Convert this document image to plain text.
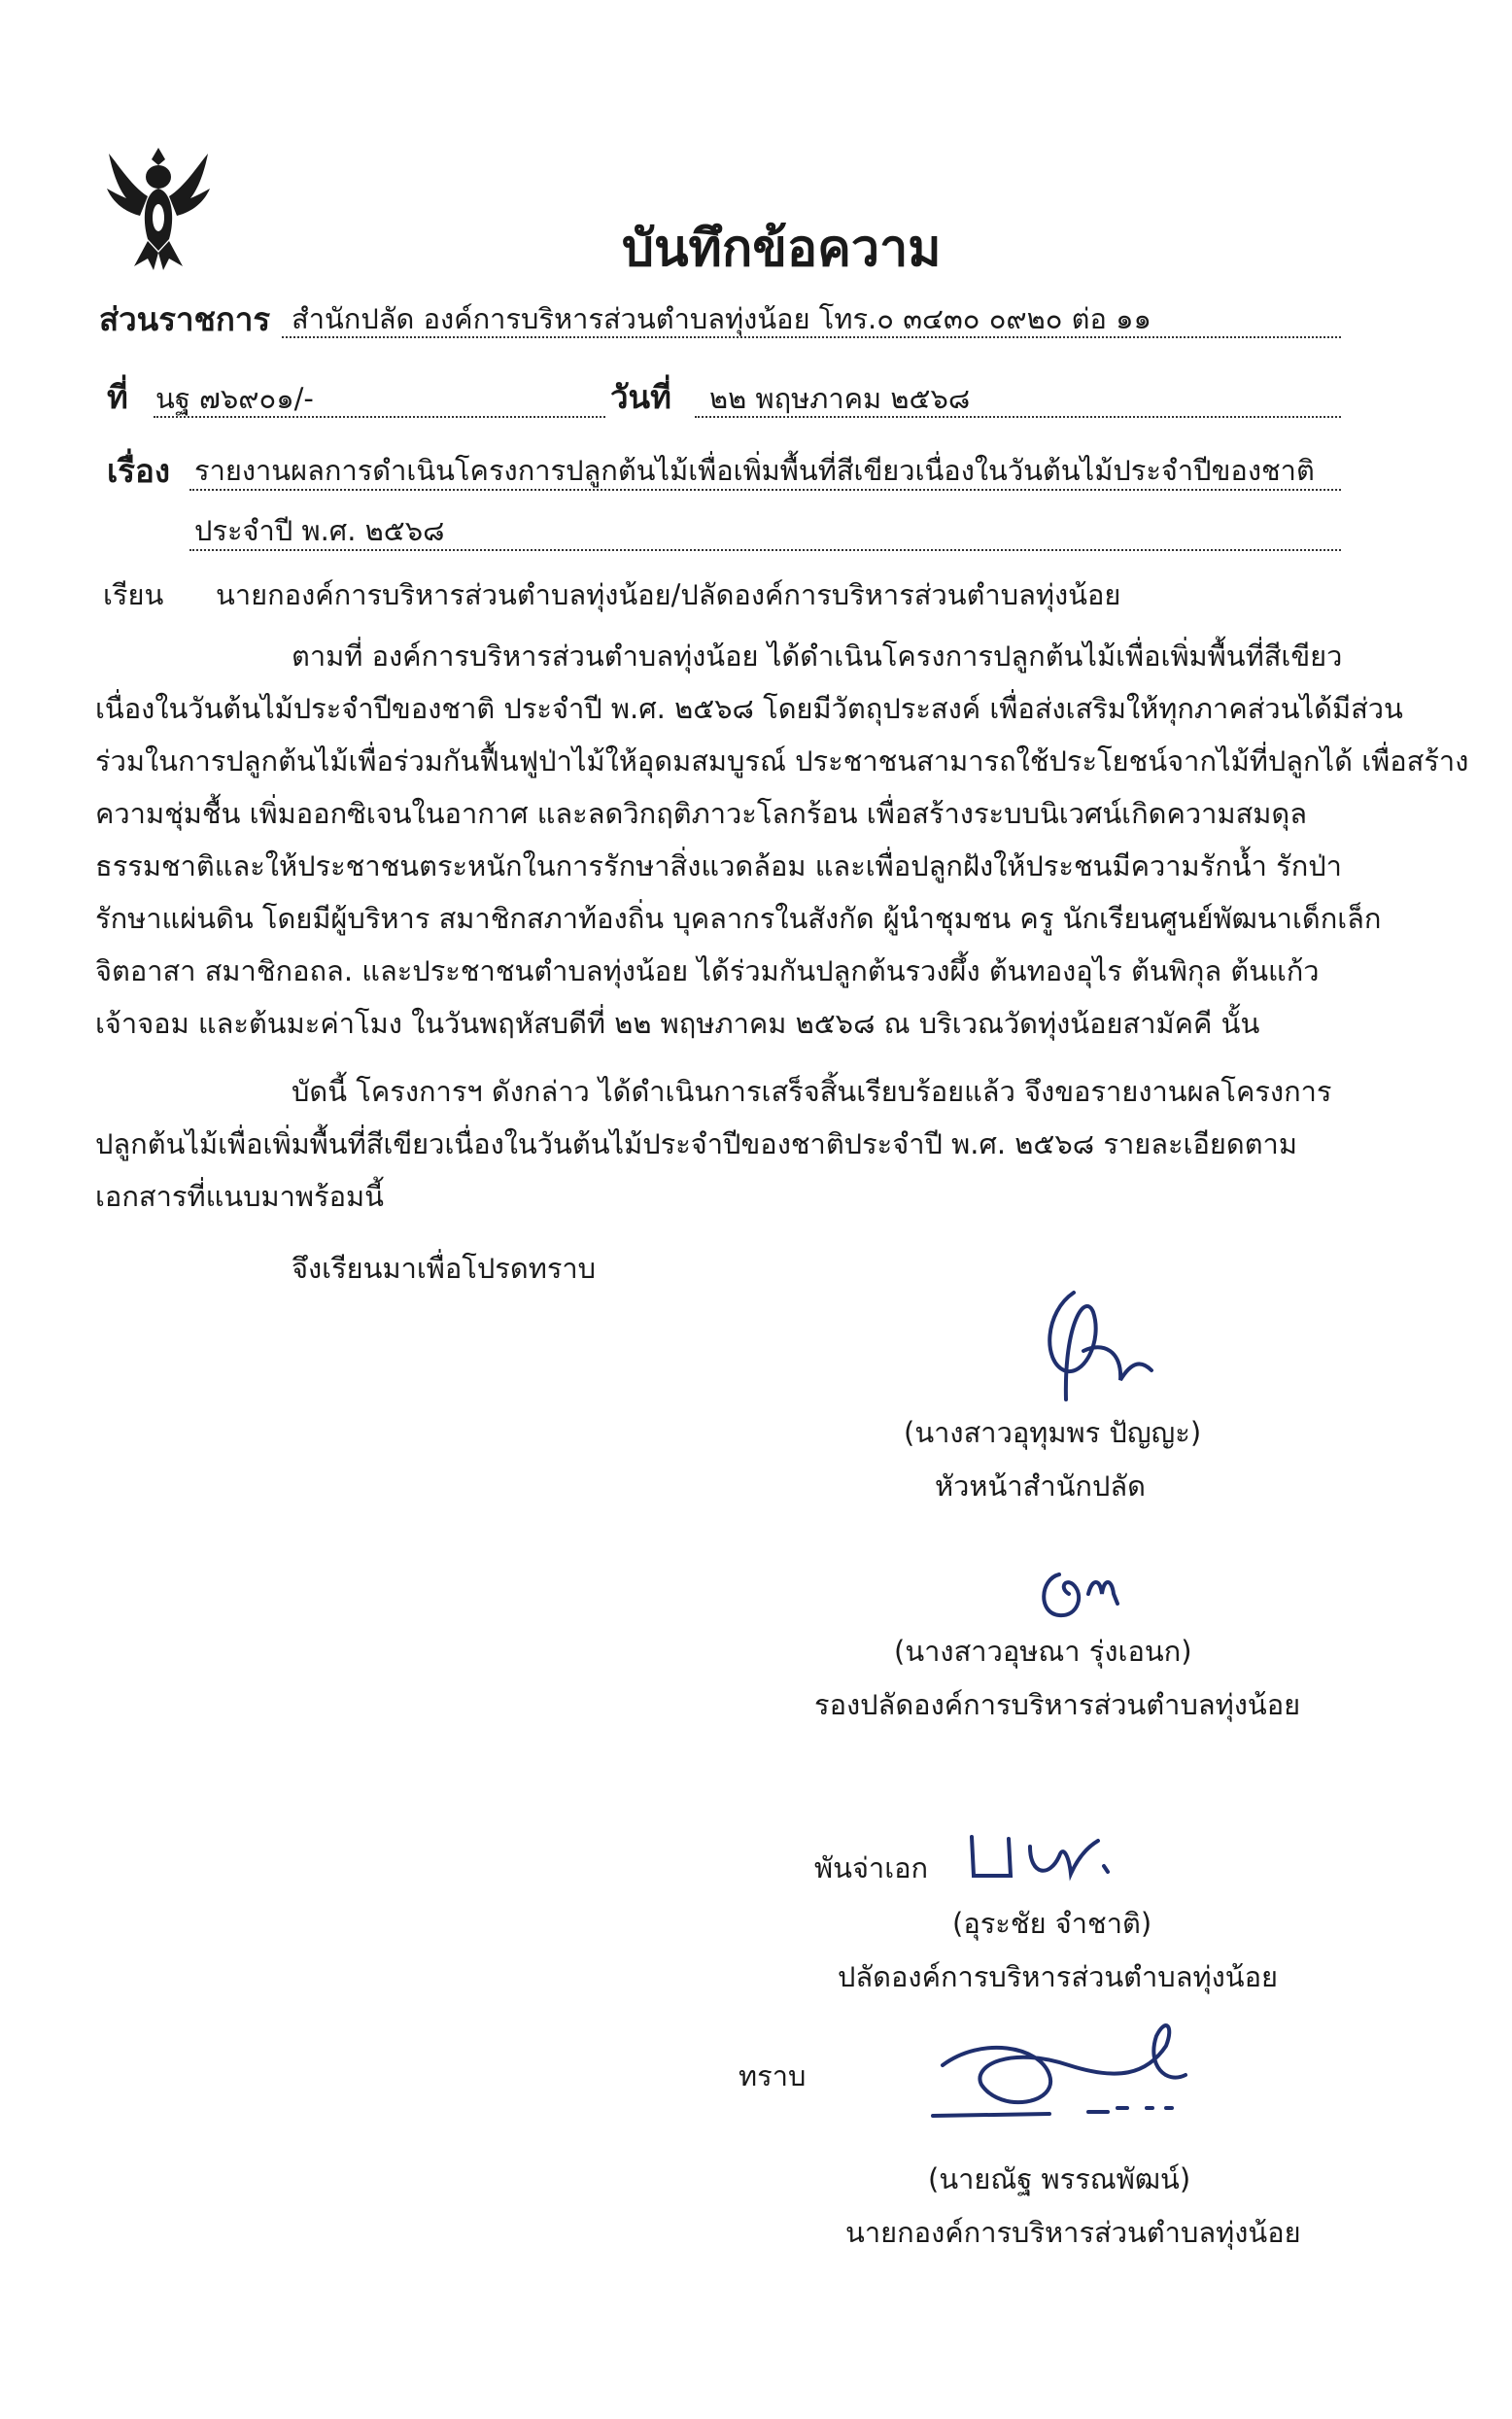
บันทึกข้อความ
ส่วนราชการ สำนักปลัด องค์การบริหารส่วนตำบลทุ่งน้อย โทร.๐ ๓๔๓๐ ๐๙๒๐ ต่อ ๑๑
ที่ นฐ ๗๖๙๐๑/-	วันที่ ๒๒ พฤษภาคม ๒๕๖๘
เรื่อง รายงานผลการดำเนินโครงการปลูกต้นไม้เพื่อเพิ่มพื้นที่สีเขียวเนื่องในวันต้นไม้ประจำปีของชาติ
ประจำปี พ.ศ. ๒๕๖๘
เรียน นายกองค์การบริหารส่วนตำบลทุ่งน้อย/ปลัดองค์การบริหารส่วนตำบลทุ่งน้อย
ตามที่ องค์การบริหารส่วนตำบลทุ่งน้อย ได้ดำเนินโครงการปลูกต้นไม้เพื่อเพิ่มพื้นที่สีเขียว
เนื่องในวันต้นไม้ประจำปีของชาติ ประจำปี พ.ศ. ๒๕๖๘ โดยมีวัตถุประสงค์ เพื่อส่งเสริมให้ทุกภาคส่วนได้มีส่วน
ร่วมในการปลูกต้นไม้เพื่อร่วมกันฟื้นฟูป่าไม้ให้อุดมสมบูรณ์ ประชาชนสามารถใช้ประโยชน์จากไม้ที่ปลูกได้ เพื่อสร้าง
ความชุ่มชื้น เพิ่มออกซิเจนในอากาศ และลดวิกฤติภาวะโลกร้อน เพื่อสร้างระบบนิเวศน์เกิดความสมดุล
ธรรมชาติและให้ประชาชนตระหนักในการรักษาสิ่งแวดล้อม และเพื่อปลูกฝังให้ประชนมีความรักน้ำ รักป่า
รักษาแผ่นดิน โดยมีผู้บริหาร สมาชิกสภาท้องถิ่น บุคลากรในสังกัด ผู้นำชุมชน ครู นักเรียนศูนย์พัฒนาเด็กเล็ก
จิตอาสา สมาชิกอถล. และประชาชนตำบลทุ่งน้อย ได้ร่วมกันปลูกต้นรวงผึ้ง ต้นทองอุไร ต้นพิกุล ต้นแก้ว
เจ้าจอม และต้นมะค่าโมง ในวันพฤหัสบดีที่ ๒๒ พฤษภาคม ๒๕๖๘ ณ บริเวณวัดทุ่งน้อยสามัคคี นั้น
บัดนี้ โครงการฯ ดังกล่าว ได้ดำเนินการเสร็จสิ้นเรียบร้อยแล้ว จึงขอรายงานผลโครงการ
ปลูกต้นไม้เพื่อเพิ่มพื้นที่สีเขียวเนื่องในวันต้นไม้ประจำปีของชาติประจำปี พ.ศ. ๒๕๖๘ รายละเอียดตาม
เอกสารที่แนบมาพร้อมนี้
จึงเรียนมาเพื่อโปรดทราบ
(นางสาวอุทุมพร ปัญญะ)
หัวหน้าสำนักปลัด
(นางสาวอุษณา รุ่งเอนก)
รองปลัดองค์การบริหารส่วนตำบลทุ่งน้อย
พันจ่าเอก
(อุระชัย จำชาติ)
ปลัดองค์การบริหารส่วนตำบลทุ่งน้อย
ทราบ
(นายณัฐ พรรณพัฒน์)
นายกองค์การบริหารส่วนตำบลทุ่งน้อย
